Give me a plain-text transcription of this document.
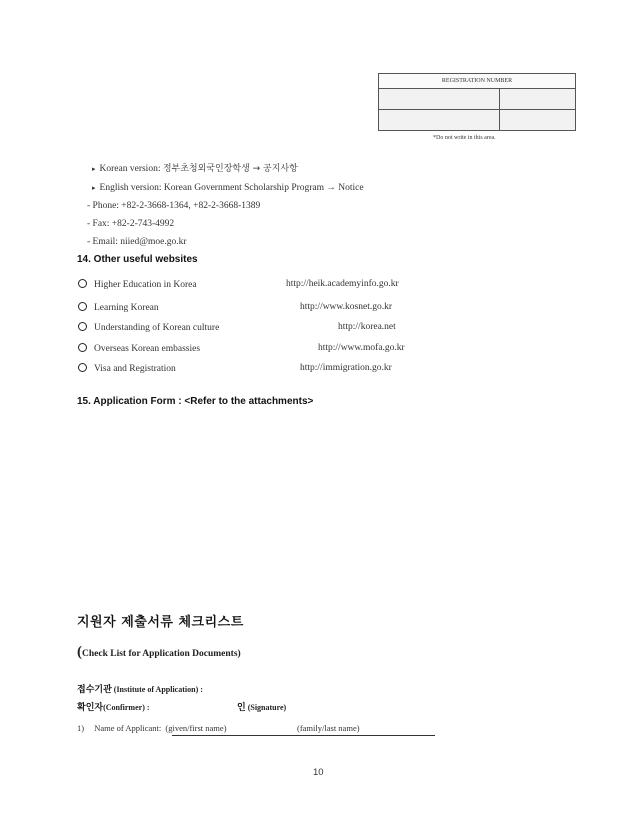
REGISTRATION NUMBER	

*Do not write in this area.
▸ Korean version: 정부초청외국인장학생 → 공지사항
▸ English version: Korean Government Scholarship Program → Notice
- Phone: +82-2-3668-1364, +82-2-3668-1389
- Fax: +82-2-743-4992
- Email: niied@moe.go.kr
14. Other useful websites
Higher Education in Korea	http://heik.academyinfo.go.kr
Learning Korean	http://www.kosnet.go.kr
Understanding of Korean culture	http://korea.net
Overseas Korean embassies	http://www.mofa.go.kr
Visa and Registration	http://immigration.go.kr
15. Application Form : <Refer to the attachments>
지원자 제출서류 체크리스트
(Check List for Application Documents)
접수기관 (Institute of Application) :
확인자(Confirmer) :	인 (Signature)
1) Name of Applicant: (given/first name)	(family/last name)
10
